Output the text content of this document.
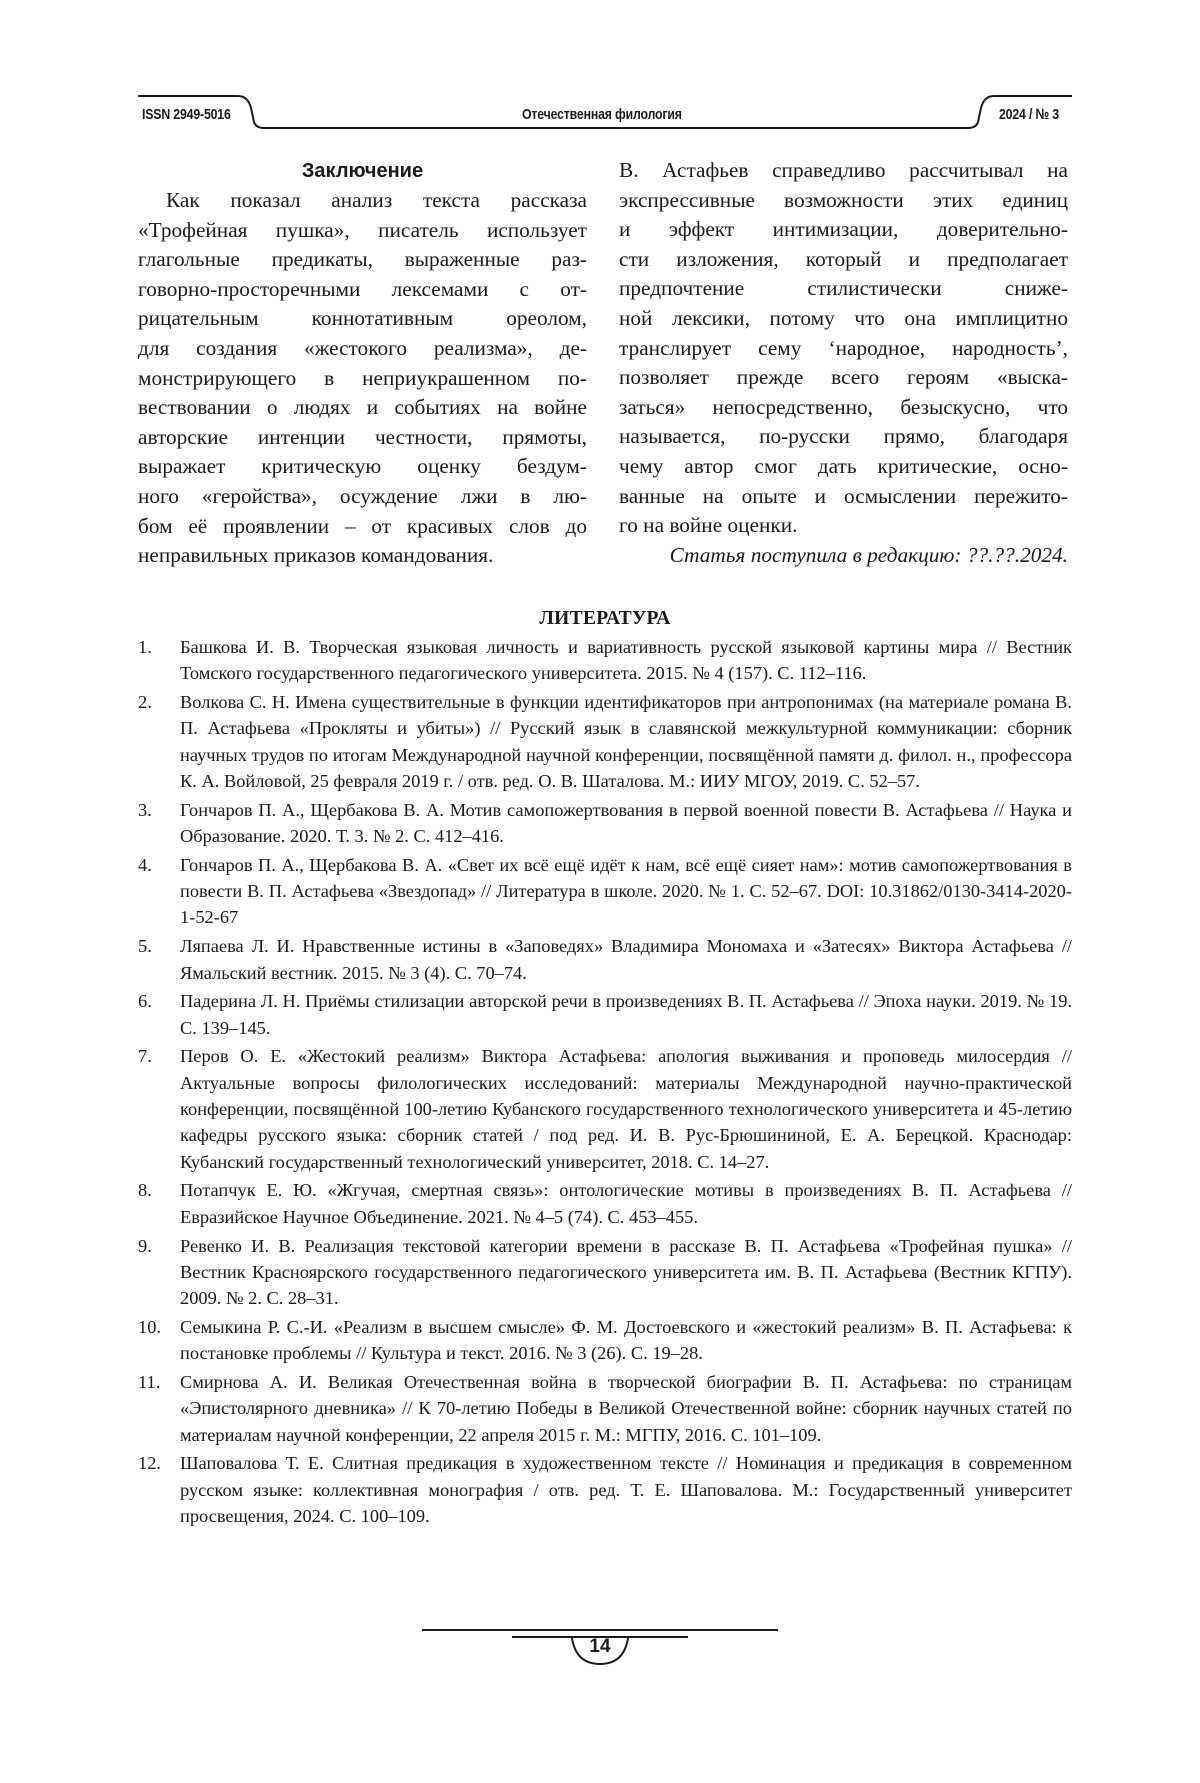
ISSN 2949-5016	Отечественная филология	2024 / № 3
Заключение
Как показал анализ текста рассказа
«Трофейная пушка», писатель использует
глагольные предикаты, выраженные раз-
говорно-просторечными лексемами с от-
рицательным коннотативным ореолом,
для создания «жестокого реализма», де-
монстрирующего в неприукрашенном по-
вествовании о людях и событиях на войне
авторские интенции честности, прямоты,
выражает критическую оценку бездум-
ного «геройства», осуждение лжи в лю-
бом её проявлении – от красивых слов до
неправильных приказов командования.
В. Астафьев справедливо рассчитывал на
экспрессивные возможности этих единиц
и эффект интимизации, доверительно-
сти изложения, который и предполагает
предпочтение стилистически сниже-
ной лексики, потому что она имплицитно
транслирует сему ‘народное, народность’,
позволяет прежде всего героям «выска-
заться» непосредственно, безыскусно, что
называется, по-русски прямо, благодаря
чему автор смог дать критические, осно-
ванные на опыте и осмыслении пережито-
го на войне оценки.
Статья поступила в редакцию: ??.??.2024.
ЛИТЕРАТУРА
1. Башкова И. В. Творческая языковая личность и вариативность русской языковой картины мира // Вестник Томского государственного педагогического университета. 2015. № 4 (157). С. 112–116.
2. Волкова С. Н. Имена существительные в функции идентификаторов при антропонимах (на материале романа В. П. Астафьева «Прокляты и убиты») // Русский язык в славянской межкультурной коммуникации: сборник научных трудов по итогам Международной научной конференции, посвящённой памяти д. филол. н., профессора К. А. Войловой, 25 февраля 2019 г. / отв. ред. О. В. Шаталова. М.: ИИУ МГОУ, 2019. С. 52–57.
3. Гончаров П. А., Щербакова В. А. Мотив самопожертвования в первой военной повести В. Астафьева // Наука и Образование. 2020. Т. 3. № 2. С. 412–416.
4. Гончаров П. А., Щербакова В. А. «Свет их всё ещё идёт к нам, всё ещё сияет нам»: мотив самопожертвования в повести В. П. Астафьева «Звездопад» // Литература в школе. 2020. № 1. С. 52–67. DOI: 10.31862/0130-3414-2020-1-52-67
5. Ляпаева Л. И. Нравственные истины в «Заповедях» Владимира Мономаха и «Затесях» Виктора Астафьева // Ямальский вестник. 2015. № 3 (4). С. 70–74.
6. Падерина Л. Н. Приёмы стилизации авторской речи в произведениях В. П. Астафьева // Эпоха науки. 2019. № 19. С. 139–145.
7. Перов О. Е. «Жестокий реализм» Виктора Астафьева: апология выживания и проповедь милосердия // Актуальные вопросы филологических исследований: материалы Международной научно-практической конференции, посвящённой 100-летию Кубанского государственного технологического университета и 45-летию кафедры русского языка: сборник статей / под ред. И. В. Рус-Брюшининой, Е. А. Берецкой. Краснодар: Кубанский государственный технологический университет, 2018. С. 14–27.
8. Потапчук Е. Ю. «Жгучая, смертная связь»: онтологические мотивы в произведениях В. П. Астафьева // Евразийское Научное Объединение. 2021. № 4–5 (74). С. 453–455.
9. Ревенко И. В. Реализация текстовой категории времени в рассказе В. П. Астафьева «Трофейная пушка» // Вестник Красноярского государственного педагогического университета им. В. П. Астафьева (Вестник КГПУ). 2009. № 2. С. 28–31.
10. Семыкина Р. С.-И. «Реализм в высшем смысле» Ф. М. Достоевского и «жестокий реализм» В. П. Астафьева: к постановке проблемы // Культура и текст. 2016. № 3 (26). С. 19–28.
11. Смирнова А. И. Великая Отечественная война в творческой биографии В. П. Астафьева: по страницам «Эпистолярного дневника» // К 70-летию Победы в Великой Отечественной войне: сборник научных статей по материалам научной конференции, 22 апреля 2015 г. М.: МГПУ, 2016. С. 101–109.
12. Шаповалова Т. Е. Слитная предикация в художественном тексте // Номинация и предикация в современном русском языке: коллективная монография / отв. ред. Т. Е. Шаповалова. М.: Государственный университет просвещения, 2024. С. 100–109.
14
